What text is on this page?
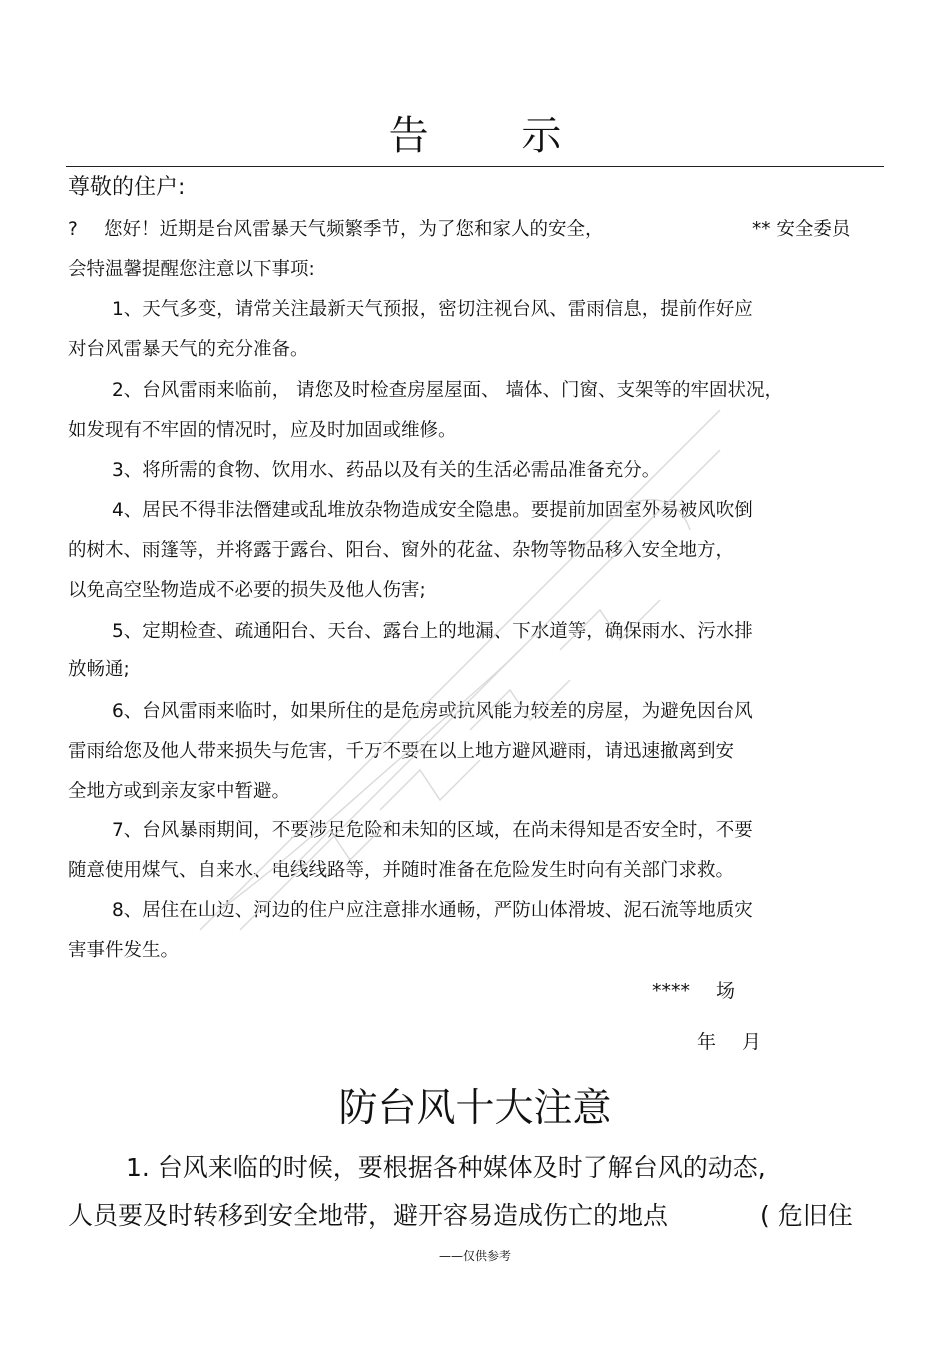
告 示
尊敬的住户:
? 您好！近期是台风雷暴天气频繁季节，为了您和家人的安全，	** 安全委员
会特温馨提醒您注意以下事项:
1、天气多变，请常关注最新天气预报，密切注视台风、雷雨信息，提前作好应
对台风雷暴天气的充分准备。
2、台风雷雨来临前， 请您及时检查房屋屋面、 墙体、门窗、支架等的牢固状况，
如发现有不牢固的情况时，应及时加固或维修。
3、将所需的食物、饮用水、药品以及有关的生活必需品准备充分。
4、居民不得非法僭建或乱堆放杂物造成安全隐患。要提前加固室外易被风吹倒
的树木、雨篷等，并将露于露台、阳台、窗外的花盆、杂物等物品移入安全地方，
以免高空坠物造成不必要的损失及他人伤害;
5、定期检查、疏通阳台、天台、露台上的地漏、下水道等，确保雨水、污水排
放畅通;
6、台风雷雨来临时，如果所住的是危房或抗风能力较差的房屋，为避免因台风
雷雨给您及他人带来损失与危害，千万不要在以上地方避风避雨，请迅速撤离到安
全地方或到亲友家中暂避。
7、台风暴雨期间，不要涉足危险和未知的区域，在尚未得知是否安全时，不要
随意使用煤气、自来水、电线线路等，并随时准备在危险发生时向有关部门求救。
8、居住在山边、河边的住户应注意排水通畅，严防山体滑坡、泥石流等地质灾
害事件发生。
**** 场
年 月
防台风十大注意
1. 台风来临的时候，要根据各种媒体及时了解台风的动态,
人员要及时转移到安全地带，避开容易造成伤亡的地点	( 危旧住
——仅供参考
